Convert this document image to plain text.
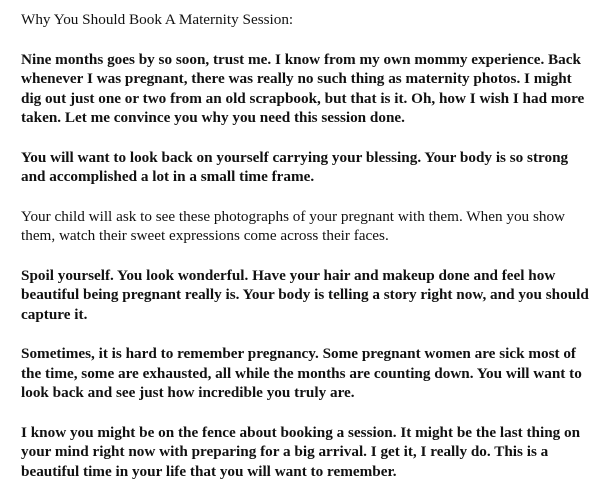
Why You Should Book A Maternity Session:

Nine months goes by so soon, trust me. I know from my own mommy experience. Back whenever I was pregnant, there was really no such thing as maternity photos. I might dig out just one or two from an old scrapbook, but that is it. Oh, how I wish I had more taken. Let me convince you why you need this session done.

You will want to look back on yourself carrying your blessing. Your body is so strong and accomplished a lot in a small time frame.

Your child will ask to see these photographs of your pregnant with them. When you show them, watch their sweet expressions come across their faces.

Spoil yourself. You look wonderful. Have your hair and makeup done and feel how beautiful being pregnant really is. Your body is telling a story right now, and you should capture it.

Sometimes, it is hard to remember pregnancy. Some pregnant women are sick most of the time, some are exhausted, all while the months are counting down. You will want to look back and see just how incredible you truly are.

I know you might be on the fence about booking a session. It might be the last thing on your mind right now with preparing for a big arrival. I get it, I really do. This is a beautiful time in your life that you will want to remember.
